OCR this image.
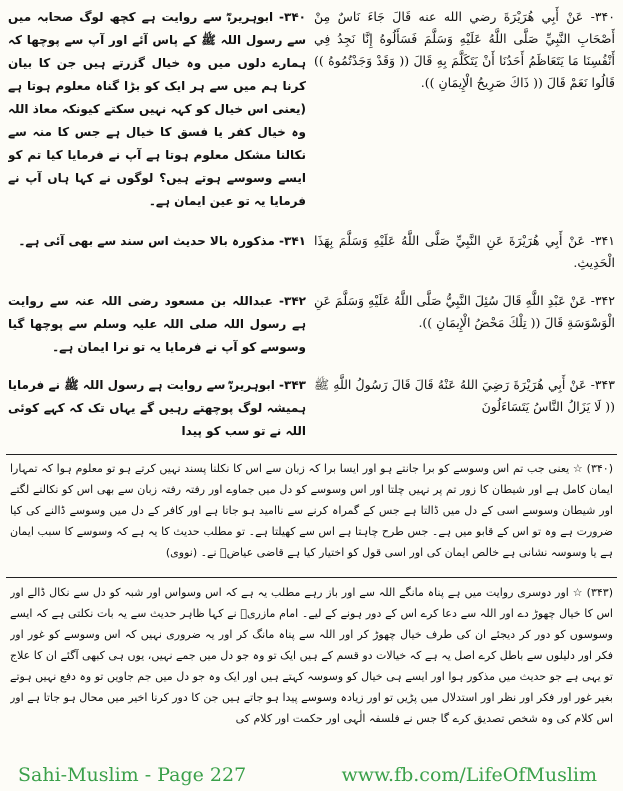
۳۴۰- ابوہریرہؓ سے روایت ہے کچھ لوگ صحابہ میں سے رسول اللہ ﷺ کے پاس آئے اور آپ سے پوچھا کہ ہمارے دلوں میں وہ خیال گزرتے ہیں جن کا بیان کرنا ہم میں سے ہر ایک کو بڑا گناہ معلوم ہوتا ہے (یعنی اس خیال کو کہہ نہیں سکتے کیونکہ معاذ اللہ وہ خیال کفر یا فسق کا خیال ہے جس کا منہ سے نکالنا مشکل معلوم ہوتا ہے آپ نے فرمایا کیا تم کو ایسے وسوسے ہوتے ہیں؟ لوگوں نے کہا ہاں آپ نے فرمایا یہ تو عین ایمان ہے۔
۳۴۰- عَنْ أَبِي هُرَيْرَةَ رضي الله عنه قَالَ جَاءَ نَاسٌ مِنْ أَصْحَابِ النَّبِيِّ صَلَّى اللَّهُ عَلَيْهِ وَسَلَّمَ فَسَأَلُوهُ إِنَّا نَجِدُ فِي أَنْفُسِنَا مَا يَتَعَاظَمُ أَحَدُنَا أَنْ يَتَكَلَّمَ بِهِ قَالَ (( وَقَدْ وَجَدْتُمُوهُ )) قَالُوا نَعَمْ قَالَ (( ذَاكَ صَرِيحُ الْإِيمَانِ )).
۳۴۱- مذکورہ بالا حدیث اس سند سے بھی آئی ہے۔ ۳۴۱- عَنْ أَبِي هُرَيْرَةَ عَنِ النَّبِيِّ صَلَّى اللَّهُ عَلَيْهِ وَسَلَّمَ بِهَذَا الْحَدِيثِ.
۳۴۲- عبداللہ بن مسعود رضی اللہ عنہ سے روایت ہے رسول اللہ صلی اللہ علیہ وسلم سے پوچھا گیا وسوسے کو آپ نے فرمایا یہ تو نرا ایمان ہے۔
۳۴۲- عَنْ عَبْدِ اللَّهِ قَالَ سُئِلَ النَّبِيُّ صَلَّى اللَّهُ عَلَيْهِ وَسَلَّمَ عَنِ الْوَسْوَسَةِ قَالَ (( تِلْكَ مَحْضُ الْإِيمَانِ )).
۳۴۳- ابوہریرہؓ سے روایت ہے رسول اللہ ﷺ نے فرمایا ہمیشہ لوگ پوچھتے رہیں گے یہاں تک کہ کہے کوئی اللہ نے تو سب کو پیدا
۳۴۳- عَنْ أَبِي هُرَيْرَةَ رَضِيَ اللهُ عَنْهُ قَالَ قَالَ رَسُولُ اللَّهِ ﷺ (( لَا يَزَالُ النَّاسُ يَتَسَاءَلُونَ
(۳۴۰) ☆ یعنی جب تم اس وسوسے کو برا جانتے ہو اور ایسا برا کہ زبان سے اس کا نکلنا پسند نہیں کرتے ہو تو معلوم ہوا کہ تمہارا ایمان کامل ہے اور شیطان کا زور تم پر نہیں چلتا اور اس وسوسے کو دل میں جماوے اور رفتہ رفتہ زبان سے بھی اس کو نکالنے لگتے اور شیطان وسوسے اسی کے دل میں ڈالتا ہے جس کے گمراہ کرنے سے ناامید ہو جاتا ہے اور کافر کے دل میں وسوسے ڈالنے کی کیا ضرورت ہے وہ تو اس کے قابو میں ہے۔ جس طرح چاہتا ہے اس سے کھیلتا ہے۔ تو مطلب حدیث کا یہ ہے کہ وسوسے کا سبب ایمان ہے یا وسوسہ نشانی ہے خالص ایمان کی اور اسی قول کو اختیار کیا ہے قاضی عیاضؒ نے۔ (نووی)
(۳۴۳) ☆ اور دوسری روایت میں ہے پناہ مانگے اللہ سے اور باز رہے مطلب یہ ہے کہ اس وسواس اور شبہ کو دل سے نکال ڈالے اور اس کا خیال چھوڑ دے اور اللہ سے دعا کرے اس کے دور ہونے کے لیے۔ امام مازریؒ نے کہا ظاہر حدیث سے یہ بات نکلتی ہے کہ ایسے وسوسوں کو دور کر دیجئے ان کی طرف خیال چھوڑ کر اور اللہ سے پناہ مانگ کر اور یہ ضروری نہیں کہ اس وسوسے کو غور اور فکر اور دلیلوں سے باطل کرے اصل یہ ہے کہ خیالات دو قسم کے ہیں ایک تو وہ جو دل میں جمے نہیں، یوں ہی کبھی آگئے ان کا علاج تو یہی ہے جو حدیث میں مذکور ہوا اور ایسے ہی خیال کو وسوسہ کہتے ہیں اور ایک وہ جو دل میں جم جاویں تو وہ دفع نہیں ہوتے بغیر غور اور فکر اور نظر اور استدلال میں پڑیں تو اور زیادہ وسوسے پیدا ہو جاتے ہیں جن کا دور کرنا اخیر میں محال ہو جاتا ہے اور اس کلام کی وہ شخص تصدیق کرے گا جس نے فلسفہ الٰہی اور حکمت اور کلام کی
Sahi-Muslim - Page 227	www.fb.com/LifeOfMuslim
